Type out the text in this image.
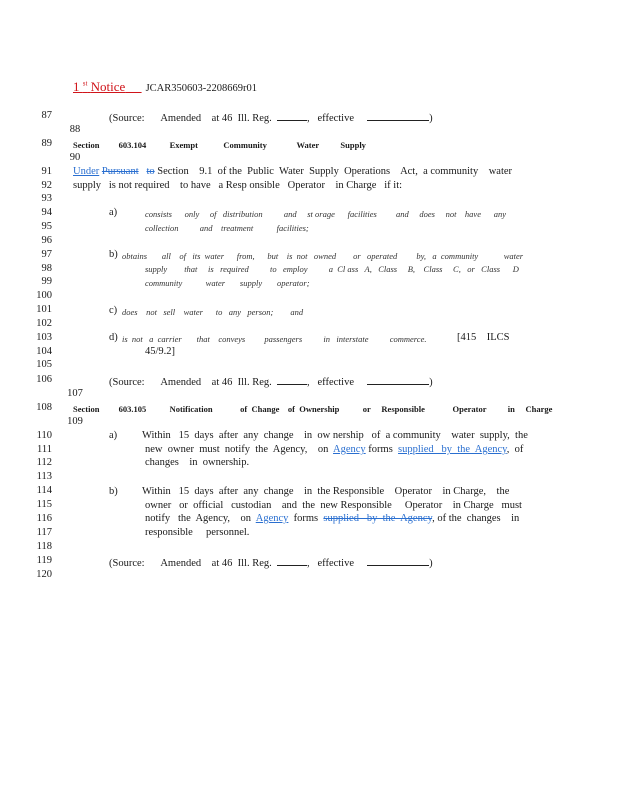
1 $^{st}$ Notice JCAR350603-2208669r01
87
88
89
90
91
92
93
94
95
96
97
98
99
100
101
102
103
104
105
106
107
108
109
110
111
112
113
114
115
116
117
118
119
120
(Source: Amended at 46 Ill. Reg.	,   effective	)
Section 603.104	Exempt	Community	Water	Supply
Under Pursuant to Section    9.1  of the  Public  Water  Supply  Operations    Act,  a community    water
supply   is not required    to have   a Resp onsible   Operator    in Charge   if it:
a)	consists      only     of   distribution          and     st orage      facilities         and     does     not    have      any
collection          and    treatment           facilities;
b) obtains       all    of   its  water      from,      but    is  not   owned        or   operated         by,   a  community            water
supply        that     is   required          to   employ          a  Cl ass   A,   Class     B,    Class     C,   or   Class      D
community           water       supply       operator;
c) does    not   sell    water      to   any   person;        and
d) is  not   a  carrier       that    conveys         passengers          in   interstate          commerce.	[415    ILCS
45/9.2]
(Source: Amended at 46 Ill. Reg.	,   effective	)
Section 603.105	Notification	of Change of Ownership	or Responsible	Operator	in Charge
a) Within   15  days  after  any  change    in  ow nership   of  a community    water  supply,  the
new  owner  must  notify  the  Agency,    on Agency forms supplied   by  the  Agency,  of
changes    in  ownership.
b) Within   15  days  after  any  change    in  the Responsible    Operator    in Charge,    the
owner   or  official   custodian    and  the  new Responsible     Operator    in Charge   must
notify   the  Agency,    on Agency forms supplied   by  the  Agency, of the  changes    in
responsible     personnel.
(Source: Amended at 46 Ill. Reg.	,   effective	)
